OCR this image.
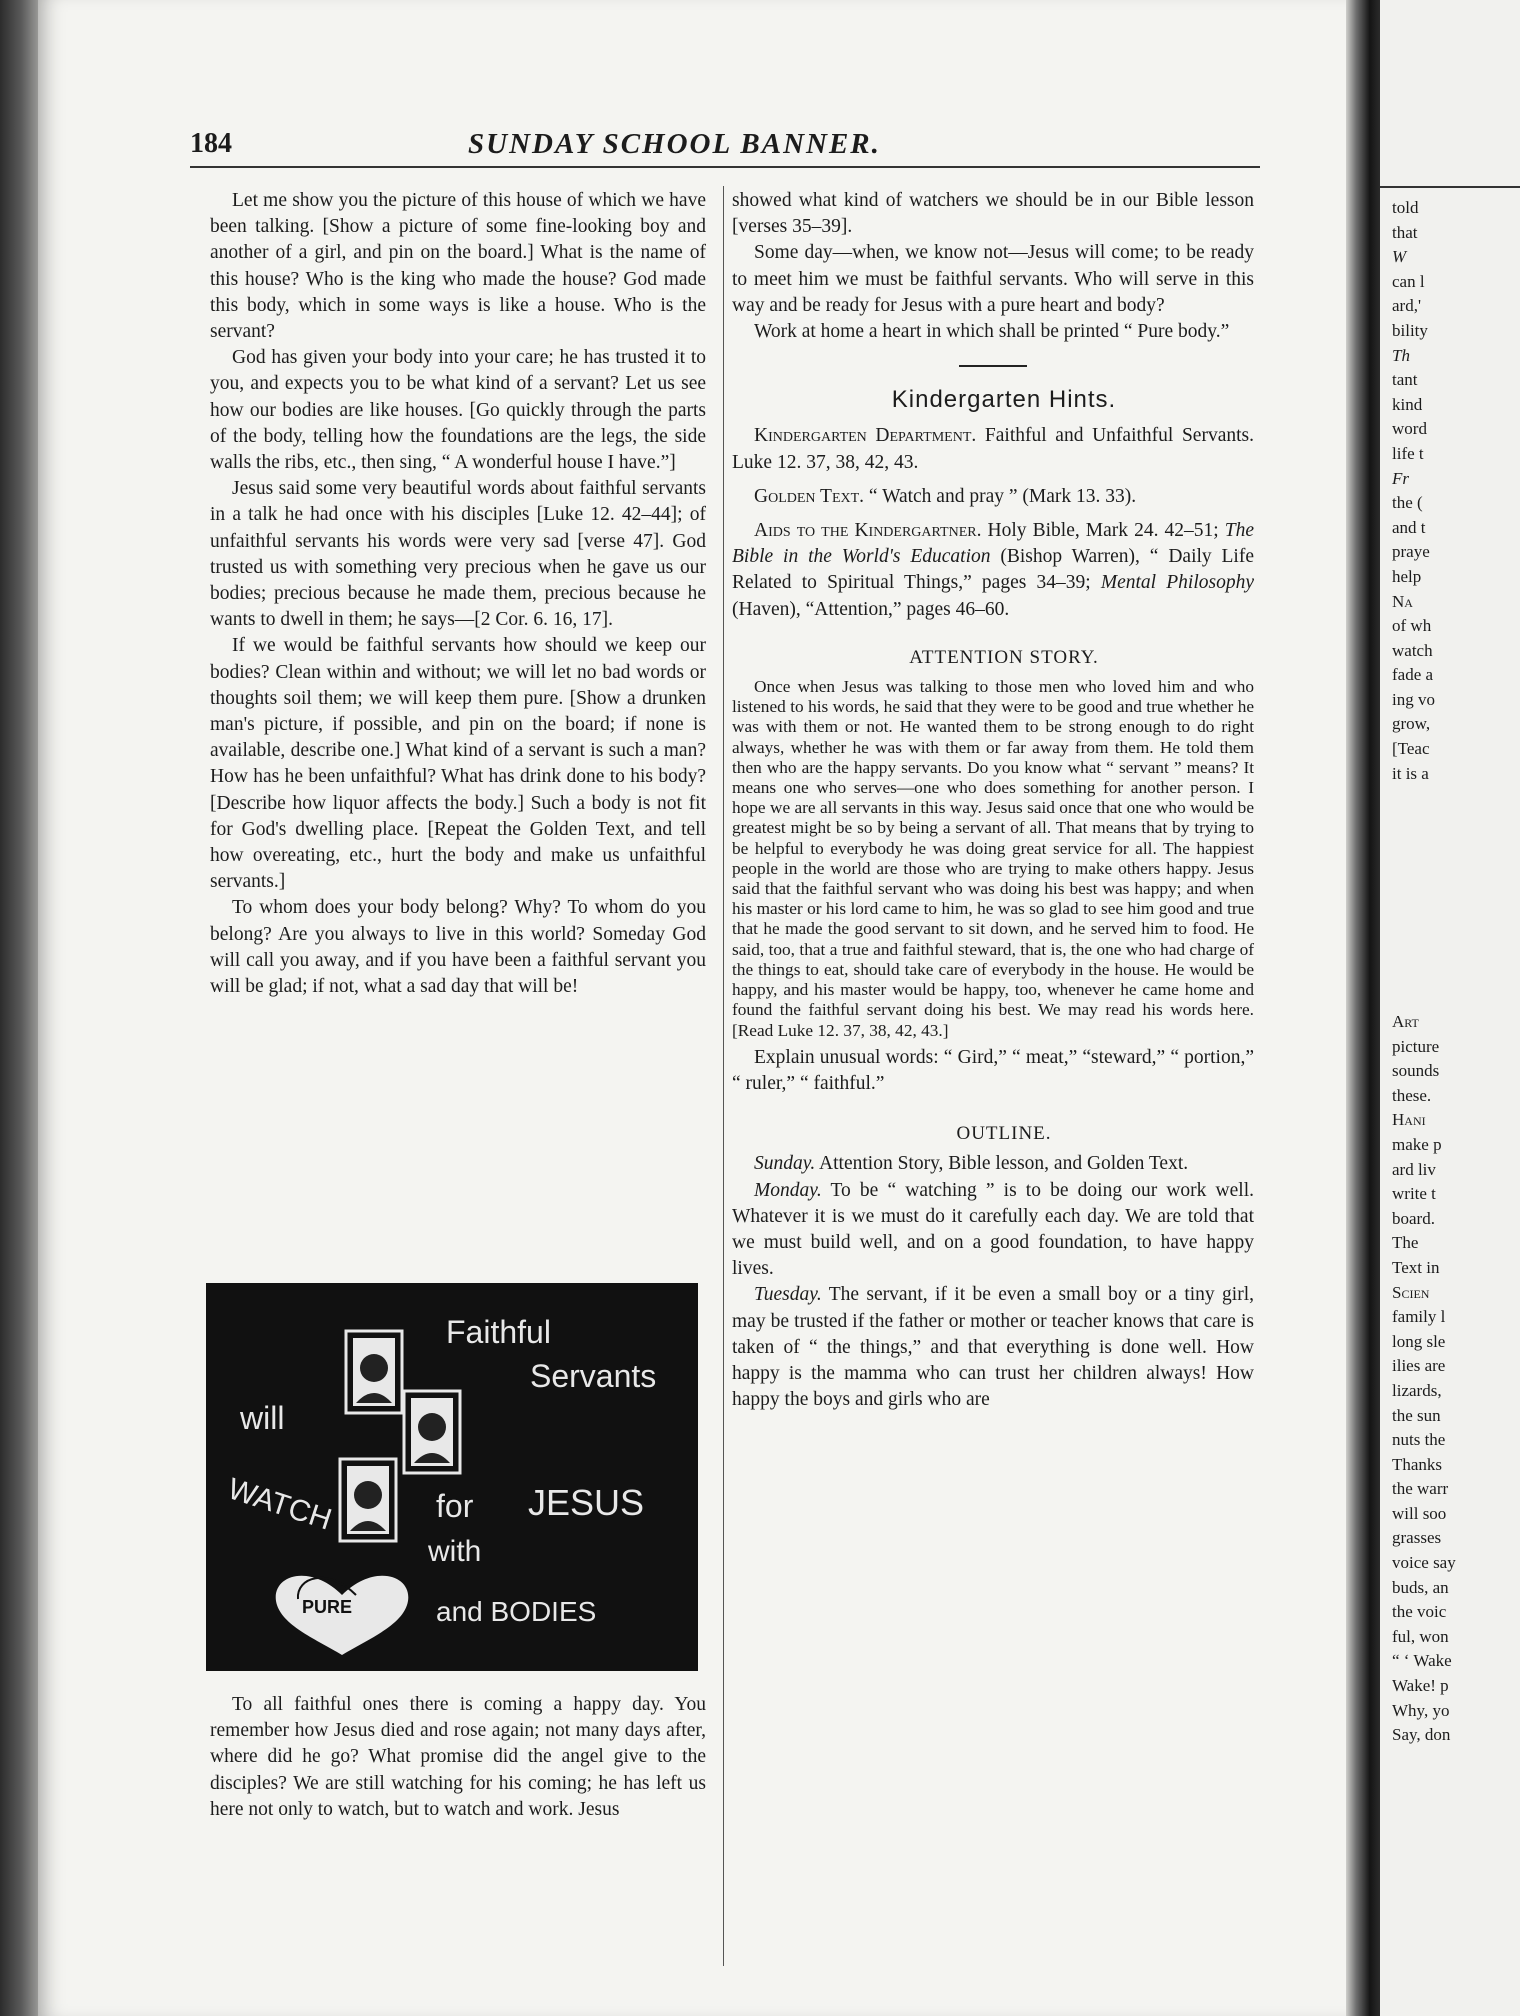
184	SUNDAY SCHOOL BANNER.

Let me show you the picture of this house of which we have been talking. [Show a picture of some fine-looking boy and another of a girl, and pin on the board.] What is the name of this house? Who is the king who made the house? God made this body, which in some ways is like a house. Who is the servant?

God has given your body into your care; he has trusted it to you, and expects you to be what kind of a servant? Let us see how our bodies are like houses. [Go quickly through the parts of the body, telling how the foundations are the legs, the side walls the ribs, etc., then sing, “ A wonderful house I have.”]

Jesus said some very beautiful words about faithful servants in a talk he had once with his disciples [Luke 12. 42–44]; of unfaithful servants his words were very sad [verse 47]. God trusted us with something very precious when he gave us our bodies; precious because he made them, precious because he wants to dwell in them; he says—[2 Cor. 6. 16, 17].

If we would be faithful servants how should we keep our bodies? Clean within and without; we will let no bad words or thoughts soil them; we will keep them pure. [Show a drunken man's picture, if possible, and pin on the board; if none is available, describe one.] What kind of a servant is such a man? How has he been unfaithful? What has drink done to his body? [Describe how liquor affects the body.] Such a body is not fit for God's dwelling place. [Repeat the Golden Text, and tell how overeating, etc., hurt the body and make us unfaithful servants.]

To whom does your body belong? Why? To whom do you belong? Are you always to live in this world? Someday God will call you away, and if you have been a faithful servant you will be glad; if not, what a sad day that will be!

Faithful
Servants
will
WATCH	for JESUS
with
PURE	and BODIES

To all faithful ones there is coming a happy day. You remember how Jesus died and rose again; not many days after, where did he go? What promise did the angel give to the disciples? We are still watching for his coming; he has left us here not only to watch, but to watch and work. Jesus

showed what kind of watchers we should be in our Bible lesson [verses 35–39].

Some day—when, we know not—Jesus will come; to be ready to meet him we must be faithful servants. Who will serve in this way and be ready for Jesus with a pure heart and body?

Work at home a heart in which shall be printed “ Pure body.”

Kindergarten Hints.

Kindergarten Department. Faithful and Unfaithful Servants. Luke 12. 37, 38, 42, 43.

Golden Text. “ Watch and pray ” (Mark 13. 33).

Aids to the Kindergartner. Holy Bible, Mark 24. 42–51; The Bible in the World's Education (Bishop Warren), “ Daily Life Related to Spiritual Things,” pages 34–39; Mental Philosophy (Haven), “Attention,” pages 46–60.

ATTENTION STORY.

Once when Jesus was talking to those men who loved him and who listened to his words, he said that they were to be good and true whether he was with them or not. He wanted them to be strong enough to do right always, whether he was with them or far away from them. He told them then who are the happy servants. Do you know what “ servant ” means? It means one who serves—one who does something for another person. I hope we are all servants in this way. Jesus said once that one who would be greatest might be so by being a servant of all. That means that by trying to be helpful to everybody he was doing great service for all. The happiest people in the world are those who are trying to make others happy. Jesus said that the faithful servant who was doing his best was happy; and when his master or his lord came to him, he was so glad to see him good and true that he made the good servant to sit down, and he served him to food. He said, too, that a true and faithful steward, that is, the one who had charge of the things to eat, should take care of everybody in the house. He would be happy, and his master would be happy, too, whenever he came home and found the faithful servant doing his best. We may read his words here. [Read Luke 12. 37, 38, 42, 43.]

Explain unusual words: “ Gird,” “ meat,” “steward,” “ portion,” “ ruler,” “ faithful.”

OUTLINE.

Sunday. Attention Story, Bible lesson, and Golden Text.

Monday. To be “ watching ” is to be doing our work well. Whatever it is we must do it carefully each day. We are told that we must build well, and on a good foundation, to have happy lives.

Tuesday. The servant, if it be even a small boy or a tiny girl, may be trusted if the father or mother or teacher knows that care is taken of “ the things,” and that everything is done well. How happy is the mamma who can trust her children always! How happy the boys and girls who are

told
that
W
can l
ard,'
bility
Th
tant
kind
word
life t
Fr
the (
and t
praye
help
Na
of wh
watch
fade a
ing vo
grow,
[Teac
it is a
Art
picture
sounds
these.
Hani
make p
ard liv
write t
board.
The
Text in
Scien
family l
long sle
ilies are
lizards,
the sun
nuts the
Thanks
the warr
will soo
grasses
voice say
buds, an
the voic
ful, won
“ ‘ Wake
Wake! p
Why, yo
Say, don
